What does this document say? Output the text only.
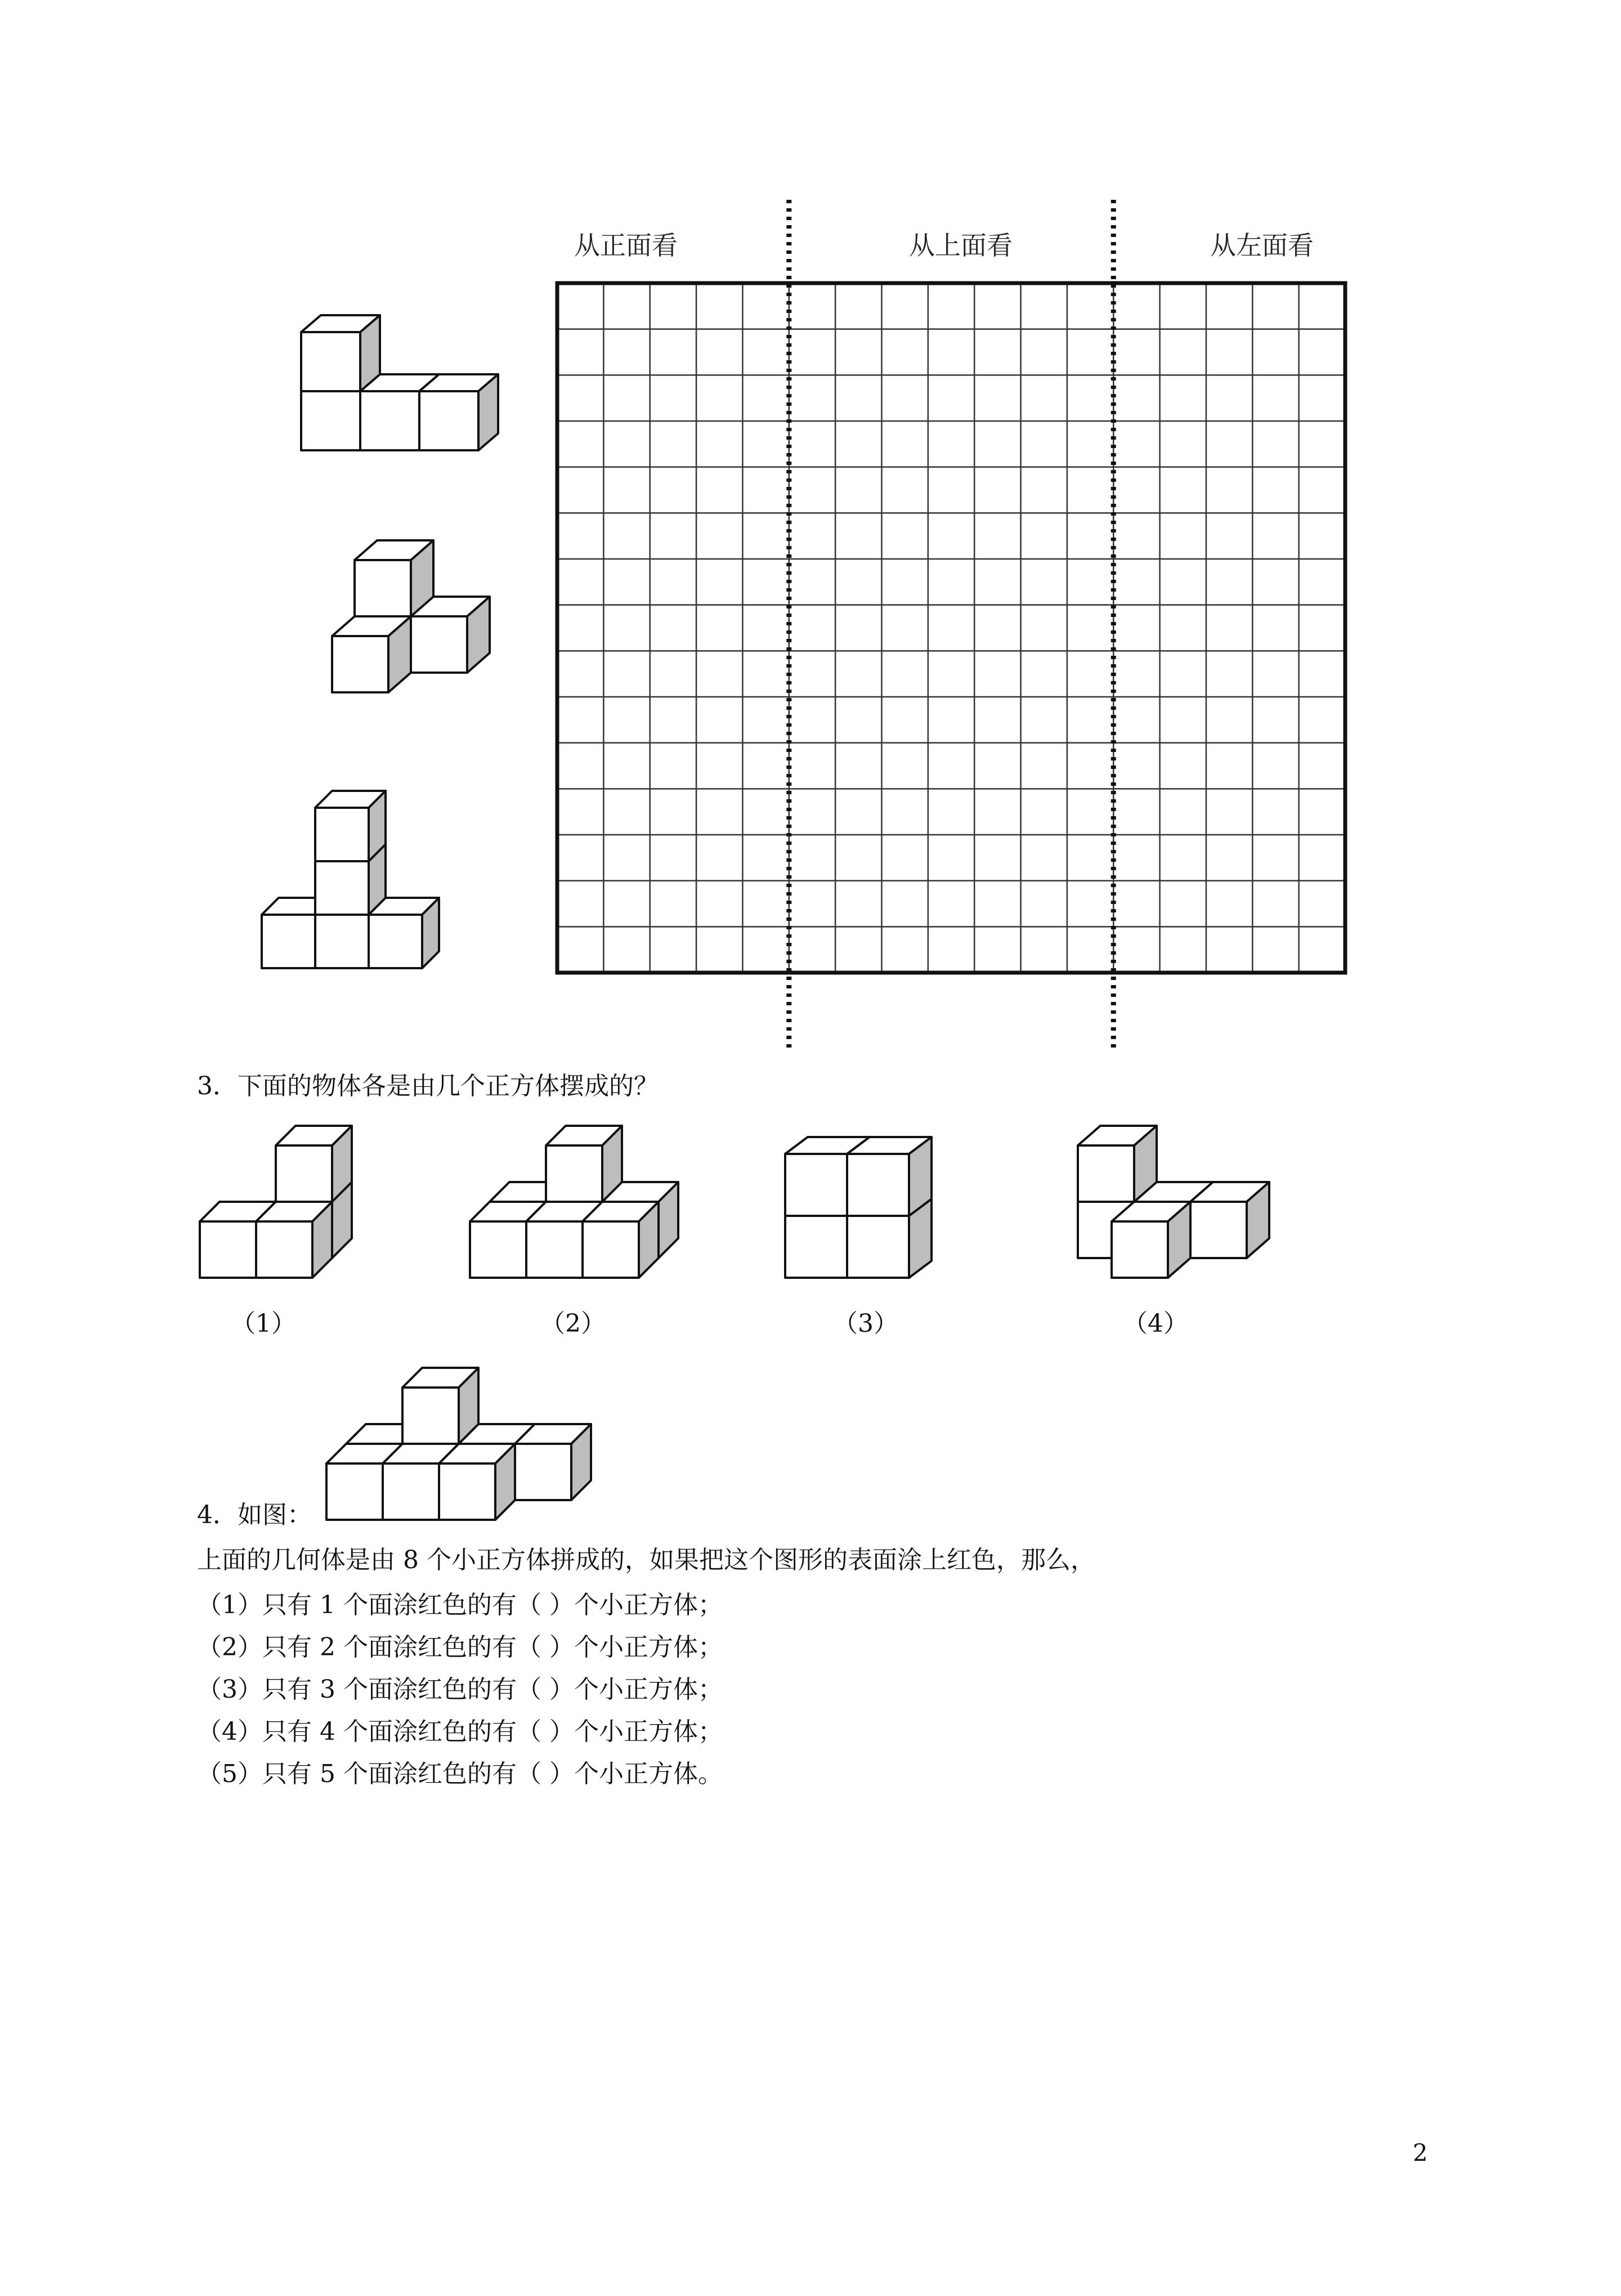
从正面看	从上面看	从左面看
3．下面的物体各是由几个正方体摆成的？
（1）	（2）	（3）	（4）
4．如图：
上面的几何体是由 8 个小正方体拼成的，如果把这个图形的表面涂上红色，那么，
（1）只有 1 个面涂红色的有（ ）个小正方体；
（2）只有 2 个面涂红色的有（ ）个小正方体；
（3）只有 3 个面涂红色的有（ ）个小正方体；
（4）只有 4 个面涂红色的有（ ）个小正方体；
（5）只有 5 个面涂红色的有（ ）个小正方体。
2
